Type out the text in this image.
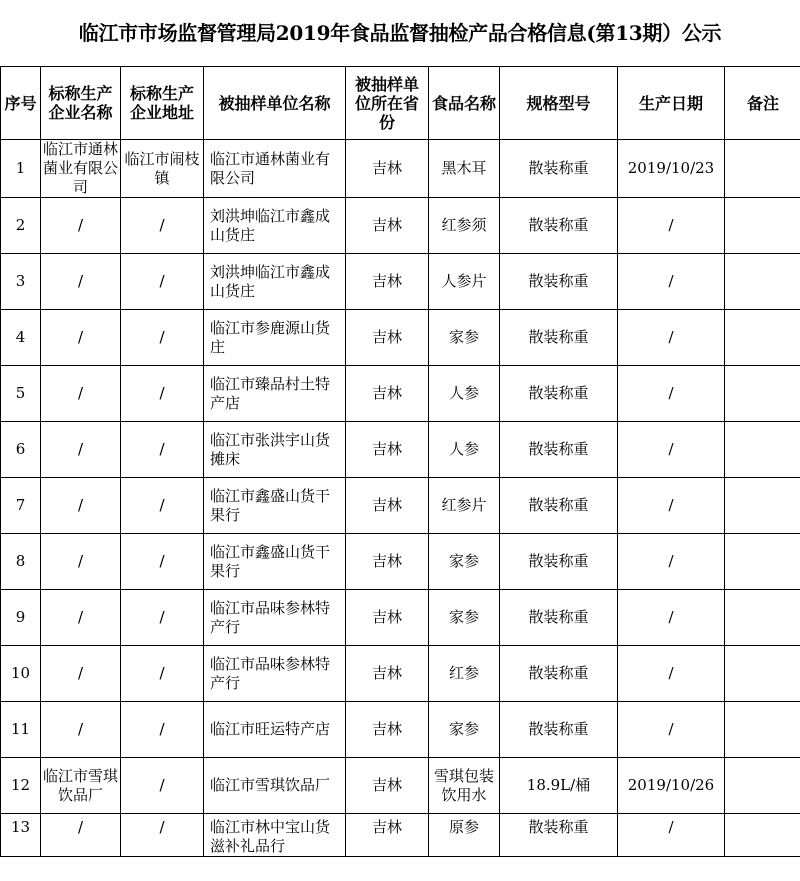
临江市市场监督管理局2019年食品监督抽检产品合格信息(第13期）公示
序号	标称生产企业名称	标称生产企业地址	被抽样单位名称	被抽样单位所在省份	食品名称	规格型号	生产日期	备注
1	临江市通林菌业有限公司	临江市闹枝镇	临江市通林菌业有限公司	吉林	黑木耳	散装称重	2019/10/23	
2	/	/	刘洪坤临江市鑫成山货庄	吉林	红参须	散装称重	/	
3	/	/	刘洪坤临江市鑫成山货庄	吉林	人参片	散装称重	/	
4	/	/	临江市参鹿源山货庄	吉林	家参	散装称重	/	
5	/	/	临江市臻品村土特产店	吉林	人参	散装称重	/	
6	/	/	临江市张洪宇山货摊床	吉林	人参	散装称重	/	
7	/	/	临江市鑫盛山货干果行	吉林	红参片	散装称重	/	
8	/	/	临江市鑫盛山货干果行	吉林	家参	散装称重	/	
9	/	/	临江市品味参林特产行	吉林	家参	散装称重	/	
10	/	/	临江市品味参林特产行	吉林	红参	散装称重	/	
11	/	/	临江市旺运特产店	吉林	家参	散装称重	/	
12	临江市雪琪饮品厂	/	临江市雪琪饮品厂	吉林	雪琪包装饮用水	18.9L/桶	2019/10/26	
13	/	/	临江市林中宝山货滋补礼品行	吉林	原参	散装称重	/	
